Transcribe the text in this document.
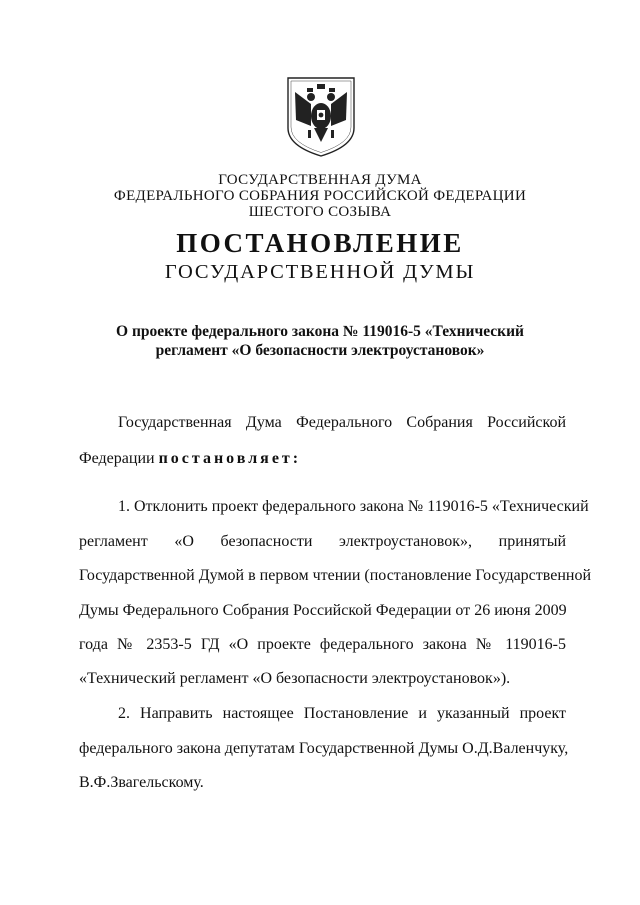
ГОСУДАРСТВЕННАЯ ДУМА
ФЕДЕРАЛЬНОГО СОБРАНИЯ РОССИЙСКОЙ ФЕДЕРАЦИИ
ШЕСТОГО СОЗЫВА
ПОСТАНОВЛЕНИЕ
ГОСУДАРСТВЕННОЙ ДУМЫ
О проекте федерального закона № 119016-5 «Технический
регламент «О безопасности электроустановок»
Государственная Дума Федерального Собрания Российской
Федерации постановляет:
1. Отклонить проект федерального закона № 119016-5 «Технический
регламент «О безопасности электроустановок», принятый
Государственной Думой в первом чтении (постановление Государственной
Думы Федерального Собрания Российской Федерации от 26 июня 2009
года № 2353-5 ГД «О проекте федерального закона № 119016-5
«Технический регламент «О безопасности электроустановок»).
2. Направить настоящее Постановление и указанный проект
федерального закона депутатам Государственной Думы О.Д.Валенчуку,
В.Ф.Звагельскому.
